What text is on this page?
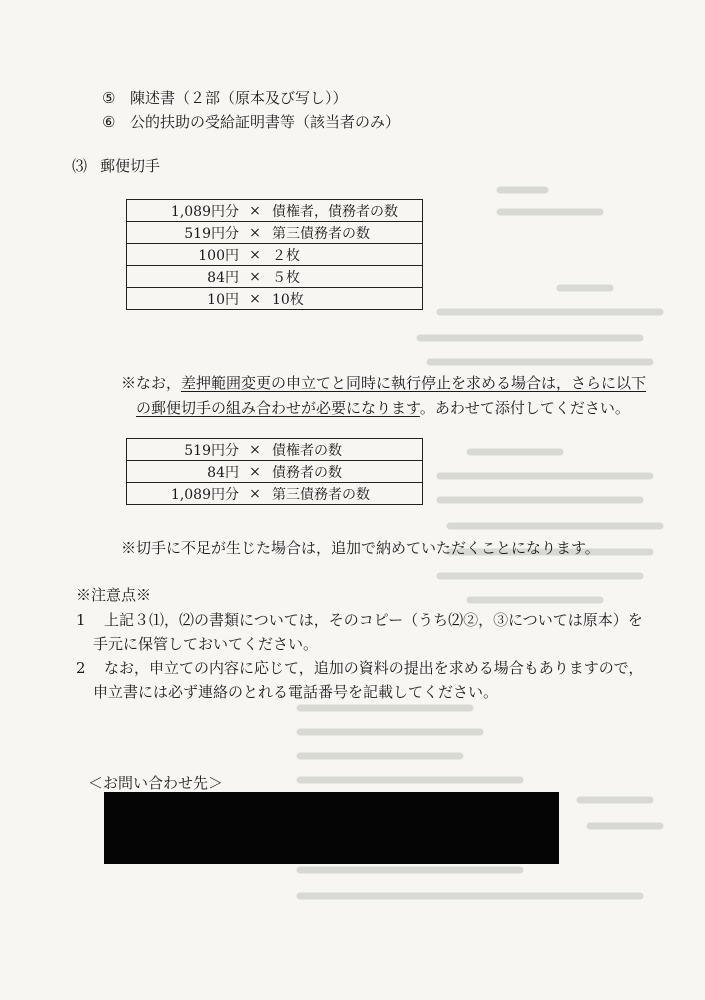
⑤ 陳述書（２部（原本及び写し））
⑥ 公的扶助の受給証明書等（該当者のみ）
⑶ 郵便切手
1,089円分	×	債権者，債務者の数
519円分	×	第三債務者の数
100円	×	２枚
84円	×	５枚
10円	×	10枚
※なお，差押範囲変更の申立てと同時に執行停止を求める場合は，さらに以下
の郵便切手の組み合わせが必要になります。あわせて添付してください。
519円分	×	債権者の数
84円	×	債務者の数
1,089円分	×	第三債務者の数
※切手に不足が生じた場合は，追加で納めていただくことになります。
※注意点※
1 上記３⑴，⑵の書類については，そのコピー（うち⑵②，③については原本）を
手元に保管しておいてください。
2 なお，申立ての内容に応じて，追加の資料の提出を求める場合もありますので，
申立書には必ず連絡のとれる電話番号を記載してください。
＜お問い合わせ先＞
